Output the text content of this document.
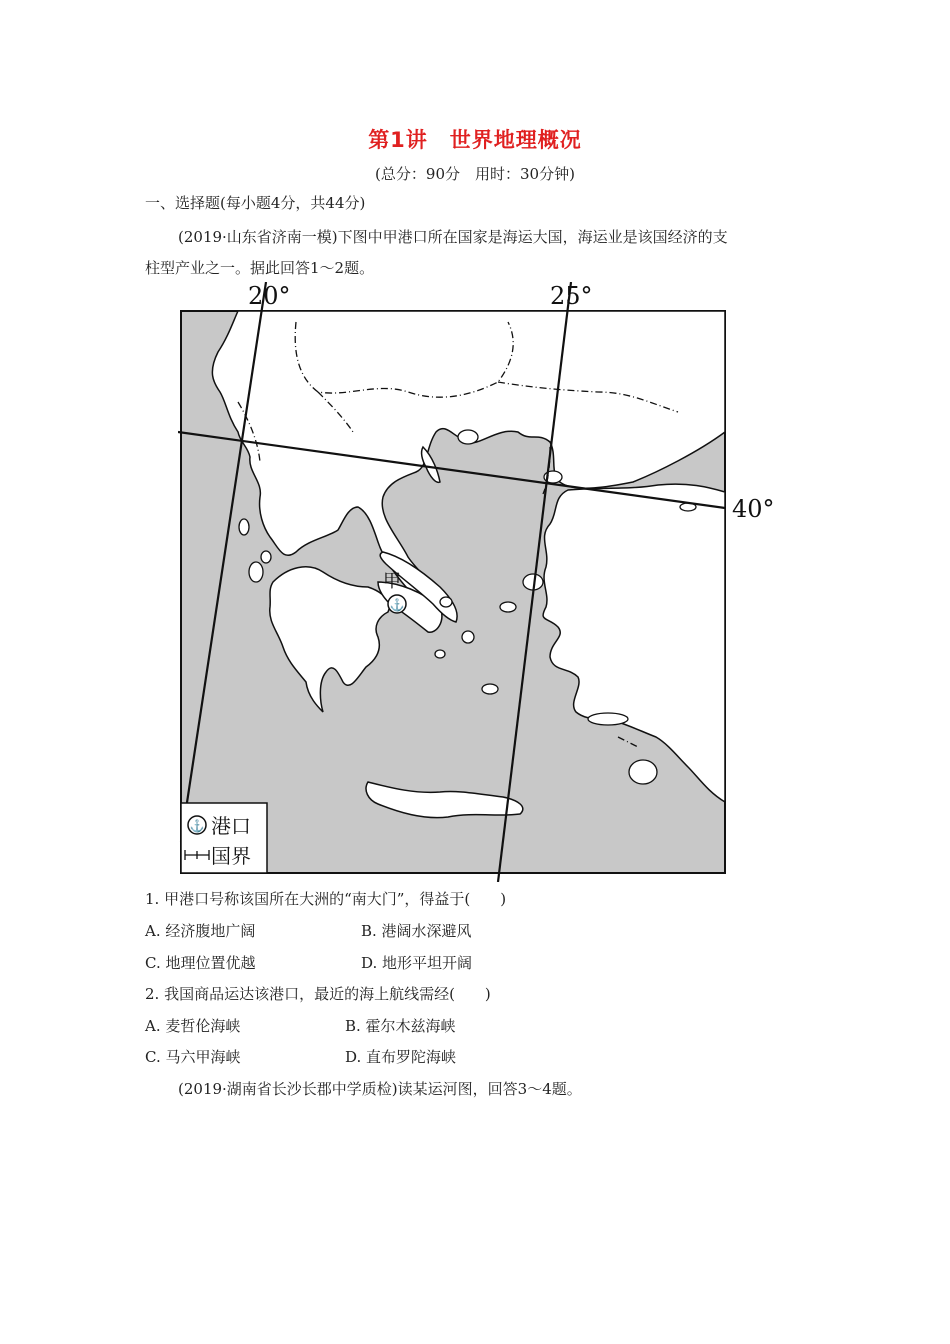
第1讲　世界地理概况
(总分：90分　用时：30分钟)
一、选择题(每小题4分，共44分)
(2019·山东省济南一模)下图中甲港口所在国家是海运大国，海运业是该国经济的支
柱型产业之一。据此回答1～2题。
⚓
甲
20°	25°
40°
⚓ 港口
国界
1. 甲港口号称该国所在大洲的“南大门”，得益于(　　)
A. 经济腹地广阔	B. 港阔水深避风
C. 地理位置优越	D. 地形平坦开阔
2. 我国商品运达该港口，最近的海上航线需经(　　)
A. 麦哲伦海峡	B. 霍尔木兹海峡
C. 马六甲海峡	D. 直布罗陀海峡
(2019·湖南省长沙长郡中学质检)读某运河图，回答3～4题。
